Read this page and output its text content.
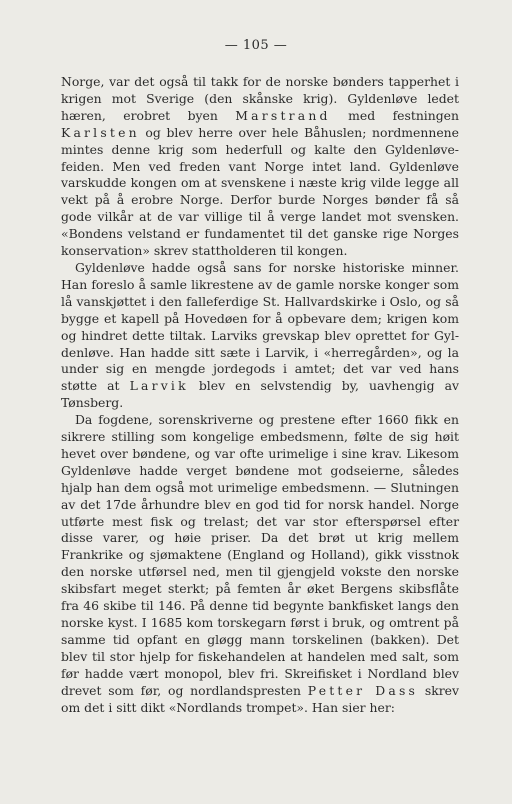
— 105 —

Norge, var det også til takk for de norske bønders tapperhet i krigen mot Sverige (den skånske krig). Gyldenløve ledet hæren, erobret byen Marstrand med festningen Karlsten og blev herre over hele Båhuslen; nordmennene mintes denne krig som hederfull og kalte den Gyldenløve-feiden. Men ved freden vant Norge intet land. Gyldenløve varskudde kongen om at svenskene i næste krig vilde legge all vekt på å erobre Norge. Derfor burde Norges bønder få så gode vilkår at de var villige til å verge landet mot svensken. «Bondens velstand er fundamentet til det ganske rige Norges konservation» skrev stattholderen til kongen.

Gyldenløve hadde også sans for norske historiske minner. Han foreslo å samle likrestene av de gamle norske konger som lå vanskjøttet i den falleferdige St. Hallvardskirke i Oslo, og så bygge et kapell på Hovedøen for å opbevare dem; krigen kom og hindret dette tiltak. Larviks grevskap blev oprettet for Gyldenløve. Han hadde sitt sæte i Larvik, i «herregården», og la under sig en mengde jordegods i amtet; det var ved hans støtte at Larvik blev en selvstendig by, uavhengig av Tønsberg.

Da fogdene, sorenskriverne og prestene efter 1660 fikk en sikrere stilling som kongelige embedsmenn, følte de sig høit hevet over bøndene, og var ofte urimelige i sine krav. Likesom Gyldenløve hadde verget bøndene mot godseierne, således hjalp han dem også mot urimelige embedsmenn. — Slutningen av det 17de århundre blev en god tid for norsk handel. Norge utførte mest fisk og trelast; det var stor efterspørsel efter disse varer, og høie priser. Da det brøt ut krig mellem Frankrike og sjømaktene (England og Holland), gikk visstnok den norske utførsel ned, men til gjengjeld vokste den norske skibsfart meget sterkt; på femten år øket Bergens skibsflåte fra 46 skibe til 146. På denne tid begynte bankfisket langs den norske kyst. I 1685 kom torskegarn først i bruk, og omtrent på samme tid opfant en gløgg mann torskelinen (bakken). Det blev til stor hjelp for fiskehandelen at handelen med salt, som før hadde vært monopol, blev fri. Skreifisket i Nordland blev drevet som før, og nordlandspresten Petter Dass skrev om det i sitt dikt «Nordlands trompet». Han sier her:
